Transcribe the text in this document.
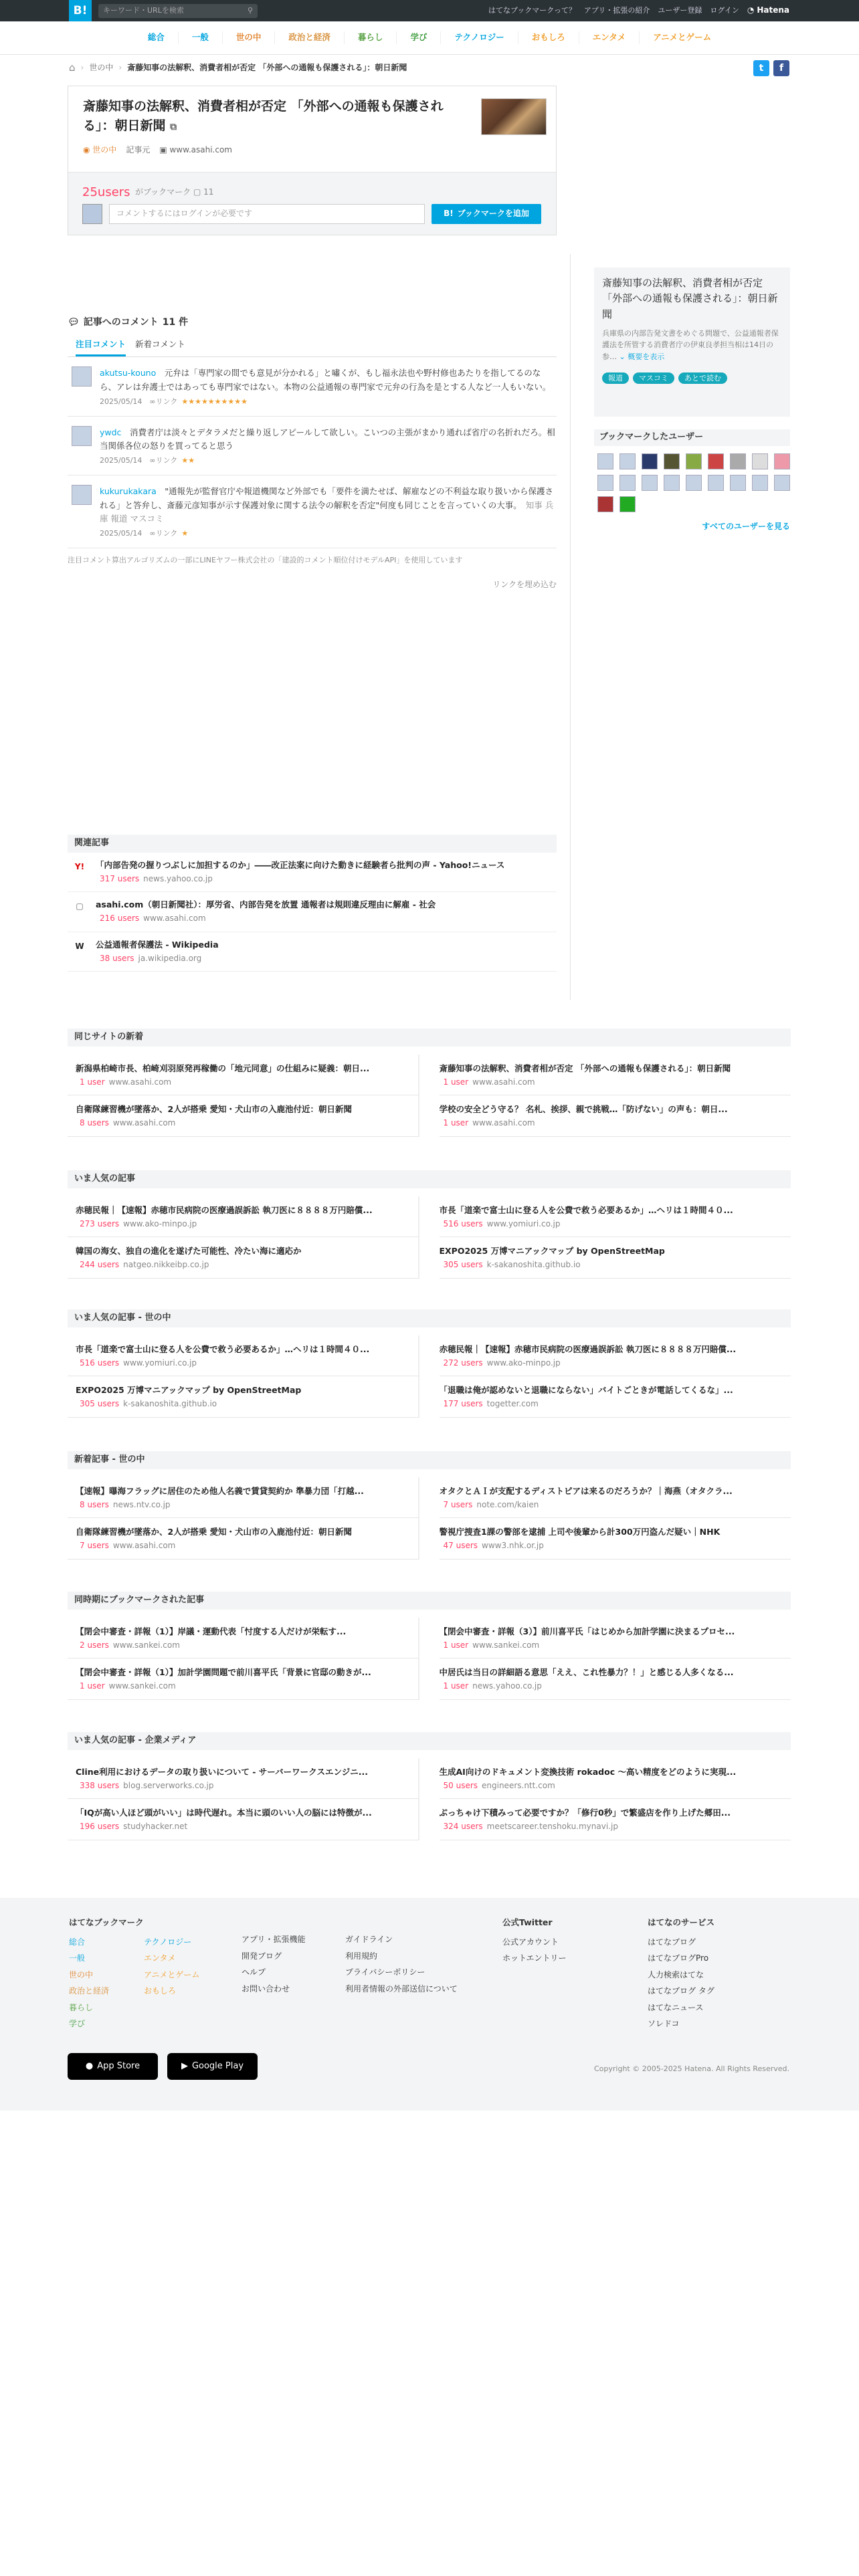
B!	キーワード・URLを検索	⚲	はてなブックマークって？ アプリ・拡張の紹介 ユーザー登録 ログイン ◔ Hatena
総合	一般	世の中	政治と経済	暮らし	学び	テクノロジー	おもしろ	エンタメ	アニメとゲーム
⌂ › 世の中 › 斎藤知事の法解釈、消費者相が否定 「外部への通報も保護される」：朝日新聞	t	f
斎藤知事の法解釈、消費者相が否定 「外部への通報も保護される」：朝日新聞 ⧉
◉ 世の中 記事元 ▣ www.asahi.com
25users がブックマーク ▢ 11
コメントするにはログインが必要です	B! ブックマークを追加
斎藤知事の法解釈、消費者相が否定 「外部への通報も保護される」：朝日新聞
兵庫県の内部告発文書をめぐる問題で、公益通報者保護法を所管する消費者庁の伊東良孝担当相は14日の参… ⌄ 概要を表示
報道	マスコミ	あとで読む
ブックマークしたユーザー
すべてのユーザーを見る
💬︎ 記事へのコメント 11 件
注目コメント 新着コメント
akutsu-kouno　 元弁は「専門家の間でも意見が分かれる」と嘯くが、もし福永法也や野村修也あたりを指してるのなら、アレは弁護士ではあっても専門家ではない。本物の公益通報の専門家で元弁の行為を是とする人など一人もいない。
2025/05/14　 ∞リンク ★★★★★★★★★★
ywdc　 消費者庁は淡々とデタラメだと繰り返しアピールして欲しい。こいつの主張がまかり通れば省庁の名折れだろ。相当関係各位の怒りを買ってると思う
2025/05/14　 ∞リンク ★★
kukurukakara　 "通報先が監督官庁や報道機関など外部でも「要件を満たせば、解雇などの不利益な取り扱いから保護される」と答弁し、斎藤元彦知事が示す保護対象に関する法令の解釈を否定"何度も同じことを言っていくの大事。 知事 兵庫 報道 マスコミ
2025/05/14　 ∞リンク ★
注目コメント算出アルゴリズムの一部にLINEヤフー株式会社の「建設的コメント順位付けモデルAPI」を使用しています
リンクを埋め込む
関連記事
Y! 「内部告発の握りつぶしに加担するのか」――改正法案に向けた動きに経験者ら批判の声 - Yahoo!ニュース
317 users news.yahoo.co.jp
▢ asahi.com（朝日新聞社）：厚労省、内部告発を放置 通報者は規則違反理由に解雇 - 社会
216 users www.asahi.com
W 公益通報者保護法 - Wikipedia
38 users ja.wikipedia.org
同じサイトの新着
新潟県柏崎市長、柏崎刈羽原発再稼働の「地元同意」の仕組みに疑義：朝日...
1 user www.asahi.com
斎藤知事の法解釈、消費者相が否定 「外部への通報も保護される」：朝日新聞
1 user www.asahi.com
自衛隊練習機が墜落か、2人が搭乗 愛知・犬山市の入鹿池付近：朝日新聞
8 users www.asahi.com
学校の安全どう守る？ 名札、挨拶、親で挑戦…「防げない」の声も：朝日...
1 user www.asahi.com
いま人気の記事
赤穂民報｜【速報】赤穂市民病院の医療過誤訴訟 執刀医に８８８８万円賠償...
273 users www.ako-minpo.jp
市長「道楽で富士山に登る人を公費で救う必要あるか」…ヘリは１時間４０...
516 users www.yomiuri.co.jp
韓国の海女、独自の進化を遂げた可能性、冷たい海に適応か
244 users natgeo.nikkeibp.co.jp
EXPO2025 万博マニアックマップ by OpenStreetMap
305 users k-sakanoshita.github.io
いま人気の記事 - 世の中
市長「道楽で富士山に登る人を公費で救う必要あるか」…ヘリは１時間４０...
516 users www.yomiuri.co.jp
赤穂民報｜【速報】赤穂市民病院の医療過誤訴訟 執刀医に８８８８万円賠償...
272 users www.ako-minpo.jp
EXPO2025 万博マニアックマップ by OpenStreetMap
305 users k-sakanoshita.github.io
「退職は俺が認めないと退職にならない」バイトごときが電話してくるな」...
177 users togetter.com
新着記事 - 世の中
【速報】曝海フラッグに居住のため他人名義で賃貸契約か 準暴力団「打越...
8 users news.ntv.co.jp
オタクとＡＩが支配するディストピアは来るのだろうか？｜海燕（オタクラ...
7 users note.com/kaien
自衛隊練習機が墜落か、2人が搭乗 愛知・犬山市の入鹿池付近：朝日新聞
7 users www.asahi.com
警視庁捜査1課の警部を逮捕 上司や後輩から計300万円盗んだ疑い｜NHK
47 users www3.nhk.or.jp
同時期にブックマークされた記事
【閉会中審査・詳報（1）】岸議・運動代表「忖度する人だけが栄転す...
2 users www.sankei.com
【閉会中審査・詳報（3）】前川喜平氏「はじめから加計学園に決まるプロセ...
1 user www.sankei.com
【閉会中審査・詳報（1）】加計学園問題で前川喜平氏「背景に官邸の動きが...
1 user www.sankei.com
中居氏は当日の詳細語る意思「ええ、これ性暴力？！」と感じる人多くなる...
1 user news.yahoo.co.jp
いま人気の記事 - 企業メディア
Cline利用におけるデータの取り扱いについて - サーバーワークスエンジニ...
338 users blog.serverworks.co.jp
生成AI向けのドキュメント変換技術 rokadoc ～高い精度をどのように実現...
50 users engineers.ntt.com
「IQが高い人ほど頭がいい」は時代遅れ。本当に頭のいい人の脳には特徴が...
196 users studyhacker.net
ぶっちゃけ下積みって必要ですか？「修行0秒」で繁盛店を作り上げた郷田...
324 users meetscareer.tenshoku.mynavi.jp
はてなブックマーク
総合
一般
世の中
政治と経済
暮らし
学び
テクノロジー
エンタメ
アニメとゲーム
おもしろ
アプリ・拡張機能
開発ブログ
ヘルプ
お問い合わせ
ガイドライン
利用規約
プライバシーポリシー
利用者情報の外部送信について
公式Twitter
公式アカウント
ホットエントリー
はてなのサービス
はてなブログ
はてなブログPro
人力検索はてな
はてなブログ タグ
はてなニュース
ソレドコ
● App Store	▶ Google Play	Copyright © 2005-2025 Hatena. All Rights Reserved.
